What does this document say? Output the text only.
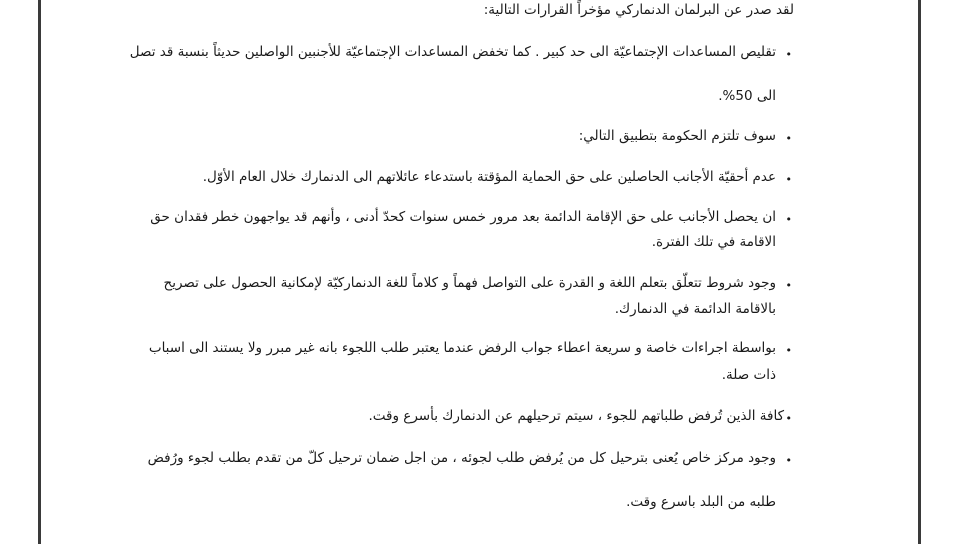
لقد صدر عن البرلمان الدنماركي مؤخراً القرارات التالية:
•
تقليص المساعدات الإجتماعيّة الى حد كبير . كما تخفض المساعدات الإجتماعيّة للأجنبين الواصلين حديثاً بنسبة قد تصل
الى 50%.
•
سوف تلتزم الحكومة بتطبيق التالي:
•
عدم أحقيّة الأجانب الحاصلين على حق الحماية المؤقتة باستدعاء عائلاتهم الى الدنمارك خلال العام الأوّل.
•
ان يحصل الأجانب على حق الإقامة الدائمة بعد مرور خمس سنوات كحدّ أدنى ، وأنهم قد يواجهون خطر فقدان حق
الاقامة في تلك الفترة.
•
وجود شروط تتعلّق بتعلم اللغة و القدرة على التواصل فهماً و كلاماً للغة الدنماركيّة لإمكانية الحصول على تصريح
بالاقامة الدائمة في الدنمارك.
•
بواسطة اجراءات خاصة و سريعة اعطاء جواب الرفض عندما يعتبر طلب اللجوء بانه غير مبرر ولا يستند الى اسباب
ذات صلة.
•
كافة الذين تُرفض طلباتهم للجوء ، سيتم ترحيلهم عن الدنمارك بأسرع وقت.
•
وجود مركز خاص يُعنى بترحيل كل من يُرفض طلب لجوئه ، من اجل ضمان ترحيل كلّ من تقدم بطلب لجوء ورُفض
طلبه من البلد باسرع وقت.
